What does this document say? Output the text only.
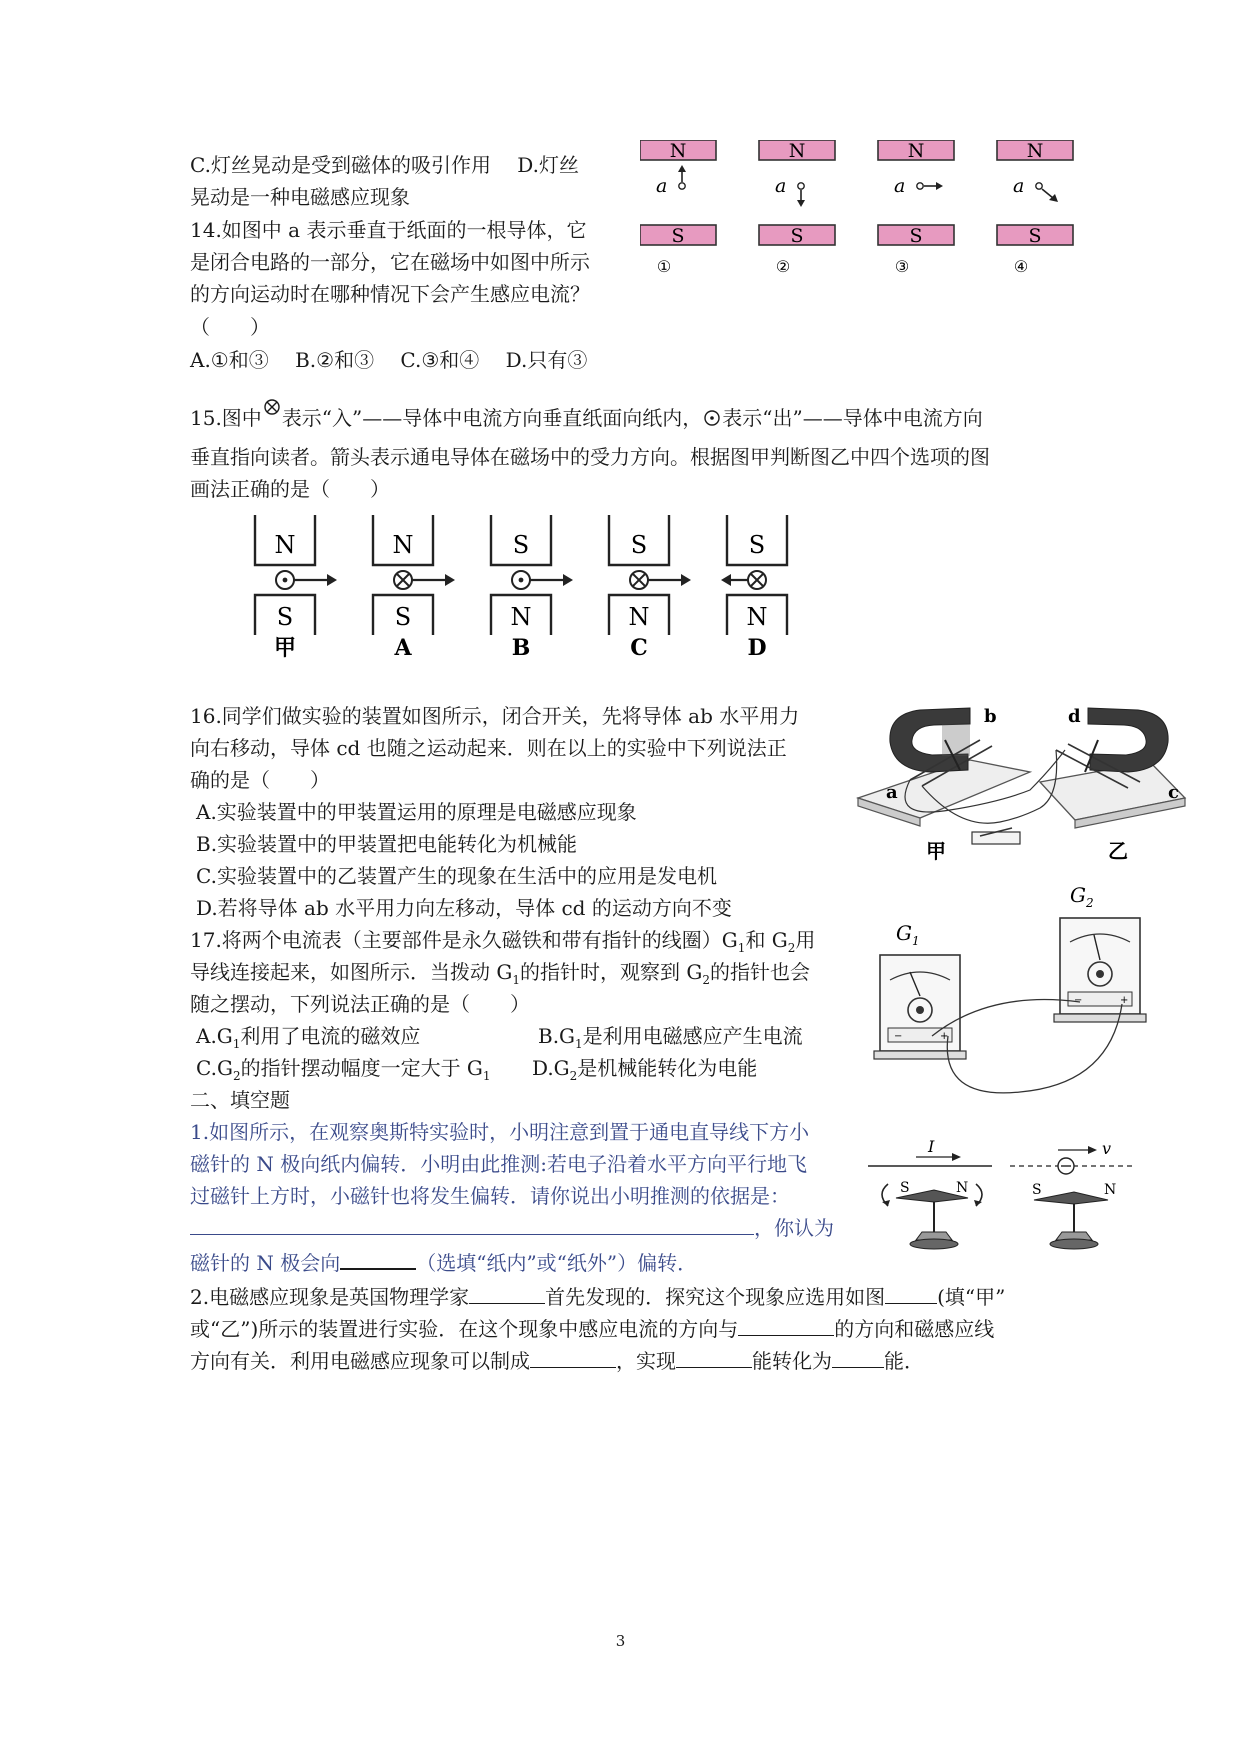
C.灯丝晃动是受到磁体的吸引作用　 D.灯丝
晃动是一种电磁感应现象
14.如图中 a 表示垂直于纸面的一根导体，它
是闭合电路的一部分，它在磁场中如图中所示
的方向运动时在哪种情况下会产生感应电流？
（　　）
A.①和③　 B.②和③　 C.③和④　 D.只有③
N
S
a
①
N
S
a
②
N
S
a
③
N
S
a
④
15.图中 表示“入”——导体中电流方向垂直纸面向纸内， 表示“出”——导体中电流方向
垂直指向读者。箭头表示通电导体在磁场中的受力方向。根据图甲判断图乙中四个选项的图
画法正确的是（　　）
N
S
甲
N
S
A
S
N
B
S
N
C
S
N
D
16.同学们做实验的装置如图所示，闭合开关，先将导体 ab 水平用力
向右移动，导体 cd 也随之运动起来．则在以上的实验中下列说法正
确的是（　　）
A.实验装置中的甲装置运用的原理是电磁感应现象
B.实验装置中的甲装置把电能转化为机械能
C.实验装置中的乙装置产生的现象在生活中的应用是发电机
D.若将导体 ab 水平用力向左移动，导体 cd 的运动方向不变
b	d
a	c
甲	乙
17.将两个电流表（主要部件是永久磁铁和带有指针的线圈）$G_1$和 $G_2$用
导线连接起来，如图所示．当拨动 $G_1$的指针时，观察到 $G_2$的指针也会
随之摆动，下列说法正确的是（　　）
$A.G_1$利用了电流的磁效应	$B.G_1$是利用电磁感应产生电流
$C.G_2$的指针摆动幅度一定大于 $G_1$ $D.G_2$是机械能转化为电能
−	+
$G_1$
−	+
$G_2$
二、填空题
1.如图所示，在观察奥斯特实验时，小明注意到置于通电直导线下方小
磁针的 N 极向纸内偏转．小明由此推测:若电子沿着水平方向平行地飞
过磁针上方时，小磁针也将发生偏转．请你说出小明推测的依据是：
，你认为
磁针的 N 极会向	（选填“纸内”或“纸外”）偏转．
I
S	N
v
S	N
2.电磁感应现象是英国物理学家	首先发现的．探究这个现象应选用如图	(填“甲”
或“乙”)所示的装置进行实验．在这个现象中感应电流的方向与	的方向和磁感应线
方向有关．利用电磁感应现象可以制成	，实现	能转化为	能．
3
